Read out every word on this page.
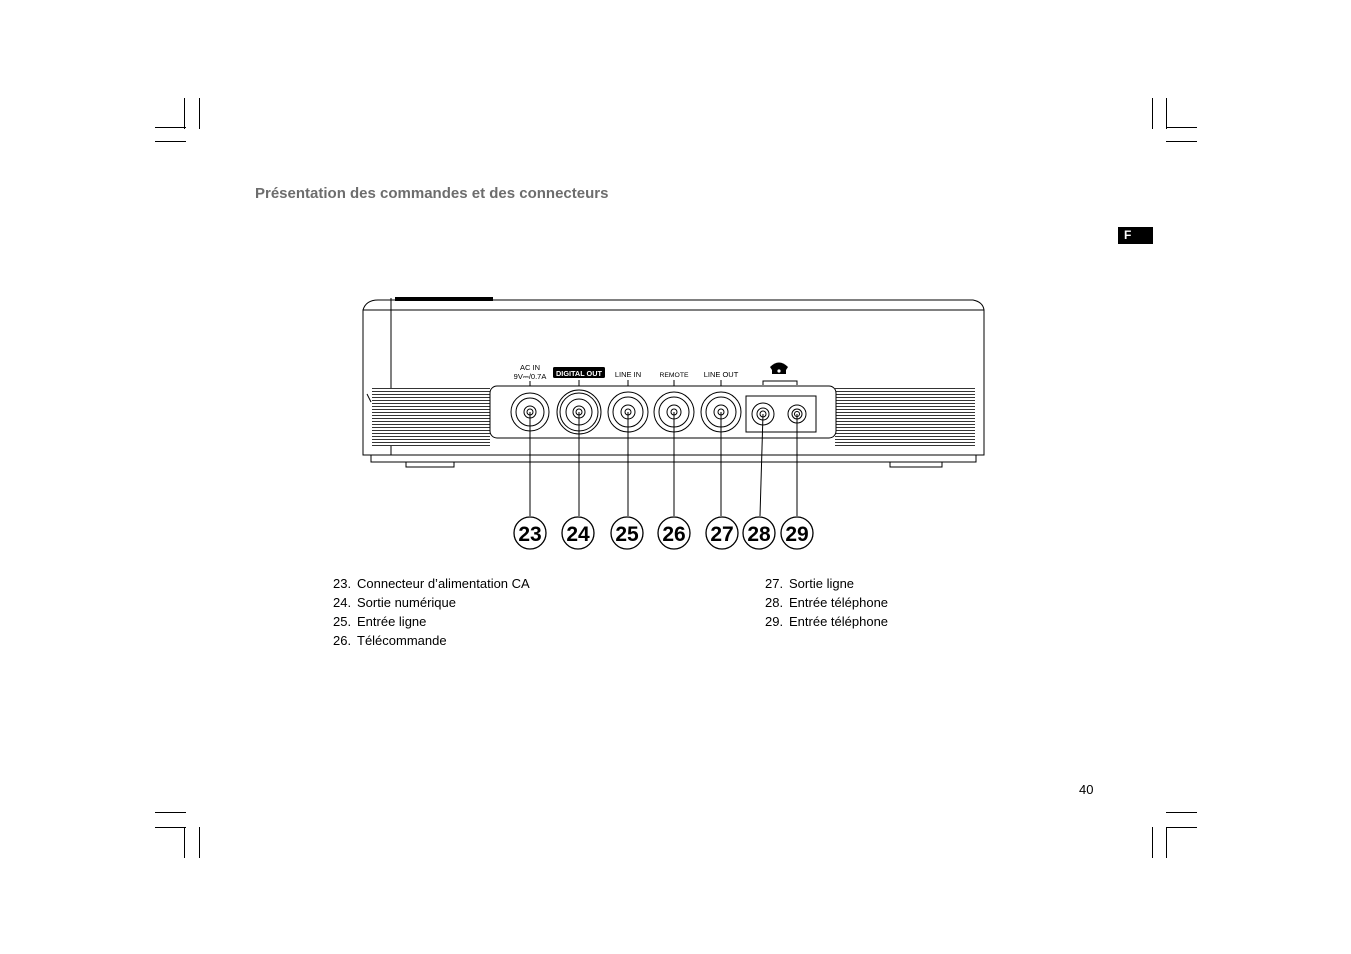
Présentation des commandes et des connecteurs
F
AC IN
9V⎓/0.7A DIGITAL OUT LINE IN	REMOTE LINE OUT
23 24 25 26 27 28 29
23. Connecteur d’alimentation CA
24. Sortie numérique
25. Entrée ligne
26. Télécommande
27. Sortie ligne
28. Entrée téléphone
29. Entrée téléphone
40
